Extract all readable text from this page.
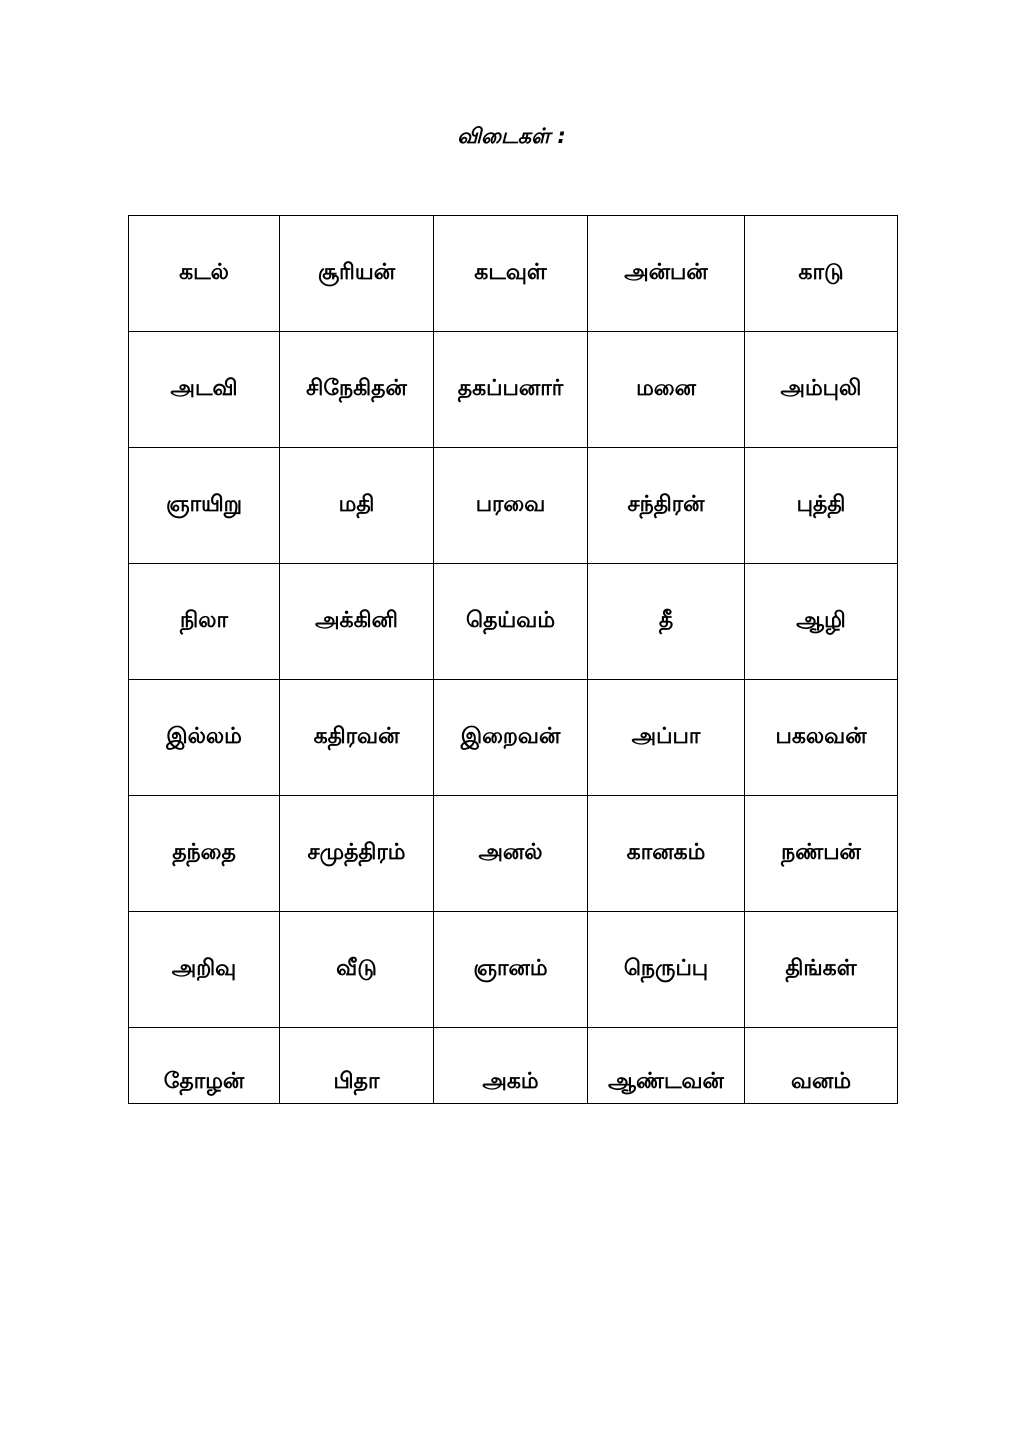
விடைகள் :
கடல்	சூரியன்	கடவுள்	அன்பன்	காடு
அடவி	சிநேகிதன்	தகப்பனார்	மனை	அம்புலி
ஞாயிறு	மதி	பரவை	சந்திரன்	புத்தி
நிலா	அக்கினி	தெய்வம்	தீ	ஆழி
இல்லம்	கதிரவன்	இறைவன்	அப்பா	பகலவன்
தந்தை	சமுத்திரம்	அனல்	கானகம்	நண்பன்
அறிவு	வீடு	ஞானம்	நெருப்பு	திங்கள்
தோழன்	பிதா	அகம்	ஆண்டவன்	வனம்
